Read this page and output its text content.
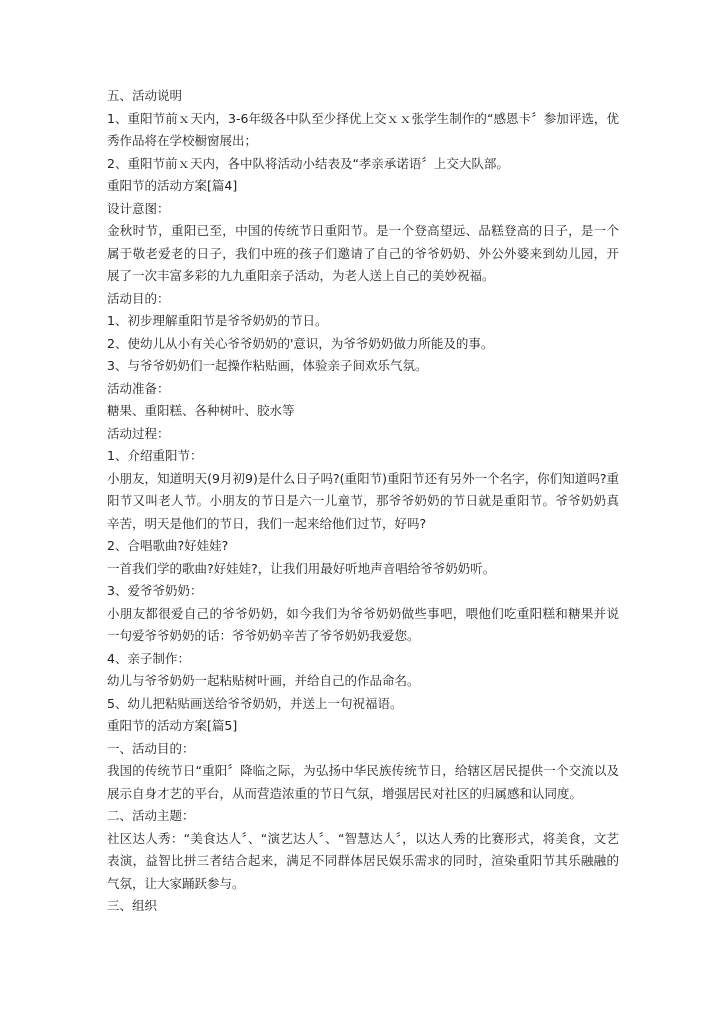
五、活动说明

1、重阳节前ｘ天内，3-6年级各中队至少择优上交ｘｘ张学生制作的“感恩卡〞参加评选，优秀作品将在学校橱窗展出；

2、重阳节前ｘ天内，各中队将活动小结表及“孝亲承诺语〞上交大队部。

重阳节的活动方案[篇4]

设计意图：

金秋时节，重阳已至，中国的传统节日重阳节。是一个登高望远、品糕登高的日子，是一个属于敬老爱老的日子，我们中班的孩子们邀请了自己的爷爷奶奶、外公外婆来到幼儿园，开展了一次丰富多彩的九九重阳亲子活动，为老人送上自己的美妙祝福。

活动目的：

1、初步理解重阳节是爷爷奶奶的节日。

2、使幼儿从小有关心爷爷奶奶的'意识，为爷爷奶奶做力所能及的事。

3、与爷爷奶奶们一起操作粘贴画，体验亲子间欢乐气氛。

活动准备：

糖果、重阳糕、各种树叶、胶水等

活动过程：

1、介绍重阳节：

小朋友，知道明天(9月初9)是什么日子吗?(重阳节)重阳节还有另外一个名字，你们知道吗?重阳节又叫老人节。小朋友的节日是六一儿童节，那爷爷奶奶的节日就是重阳节。爷爷奶奶真辛苦，明天是他们的节日，我们一起来给他们过节，好吗?

2、合唱歌曲?好娃娃?

一首我们学的歌曲?好娃娃?，让我们用最好听地声音唱给爷爷奶奶听。

3、爱爷爷奶奶：

小朋友都很爱自己的爷爷奶奶，如今我们为爷爷奶奶做些事吧，喂他们吃重阳糕和糖果并说一句爱爷爷奶奶的话：爷爷奶奶辛苦了爷爷奶奶我爱您。

4、亲子制作：

幼儿与爷爷奶奶一起粘贴树叶画，并给自己的作品命名。

5、幼儿把粘贴画送给爷爷奶奶，并送上一句祝福语。

重阳节的活动方案[篇5]

一、活动目的：

我国的传统节日“重阳〞降临之际，为弘扬中华民族传统节日，给辖区居民提供一个交流以及展示自身才艺的平台，从而营造浓重的节日气氛，增强居民对社区的归属感和认同度。

二、活动主题：

社区达人秀：“美食达人〞、“演艺达人〞、“智慧达人〞，以达人秀的比赛形式，将美食，文艺表演，益智比拼三者结合起来，满足不同群体居民娱乐需求的同时，渲染重阳节其乐融融的气氛，让大家踊跃参与。

三、组织
